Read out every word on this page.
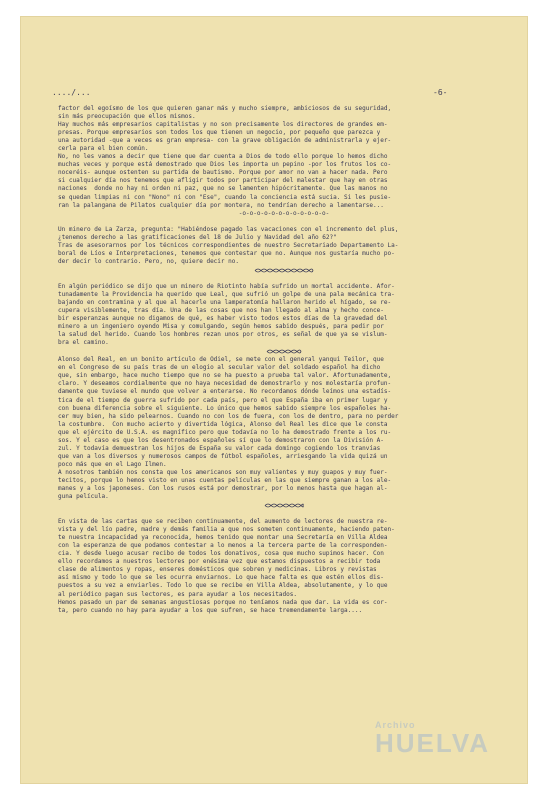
..../...	-6-
factor del egoísmo de los que quieren ganar más y mucho siempre, ambiciosos de su seguridad,
sin más preocupación que ellos mismos.
Hay muchos más empresarios capitalistas y no son precisamente los directores de grandes em-
presas. Porque empresarios son todos los que tienen un negocio, por pequeño que parezca y
una autoridad -que a veces es gran empresa- con la grave obligación de administrarla y ejer-
cerla para el bien común.
No, no les vamos a decir que tiene que dar cuenta a Dios de todo ello porque lo hemos dicho
muchas veces y porque está demostrado que Dios les importa un pepino -por los frutos los co-
noceréis- aunque ostenten su partida de bautismo. Porque por amor no van a hacer nada. Pero
si cualquier día nos tenemos que afligir todos por participar del malestar que hay en otras
naciones  donde no hay ni orden ni paz, que no se lamenten hipócritamente. Que las manos no
se quedan limpias ni con "Nono" ni con "Ese", cuando la conciencia está sucia. Si les pusie-
ran la palangana de Pilatos cualquier día por montera, no tendrían derecho a lamentarse...
-o-o-o-o-o-o-o-o-o-o-o-o-
Un minero de La Zarza, pregunta: "Habiéndose pagado las vacaciones con el incremento del plus,
¿tenemos derecho a las gratificaciones del 18 de Julio y Navidad del año 62?"
Tras de asesorarnos por los técnicos correspondientes de nuestro Secretariado Departamento La-
boral de Líos e Interpretaciones, tenemos que contestar que no. Aunque nos gustaría mucho po-
der decir lo contrario. Pero, no, quiere decir no.
En algún periódico se dijo que un minero de Riotinto había sufrido un mortal accidente. Afor-
tunadamente la Providencia ha querido que Leal, que sufrió un golpe de una pala mecánica tra-
bajando en contramina y al que al hacerle una lamperatomía hallaron herido el hígado, se re-
cupera visiblemente, tras día. Una de las cosas que nos han llegado al alma y hecho conce-
bir esperanzas aunque no digamos de qué, es haber visto todos estos días de la gravedad del
minero a un ingeniero oyendo Misa y comulgando, según hemos sabido después, para pedir por
la salud del herido. Cuando los hombres rezan unos por otros, es señal de que ya se vislum-
bra el camino.
Alonso del Real, en un bonito artículo de Odiel, se mete con el general yanqui Teilor, que
en el Congreso de su país tras de un elogio al secular valor del soldado español ha dicho
que, sin embargo, hace mucho tiempo que no se ha puesto a prueba tal valor. Afortunadamente,
claro. Y deseamos cordialmente que no haya necesidad de demostrarlo y nos molestaría profun-
damente que tuviese el mundo que volver a enterarse. No recordamos dónde leímos una estadís-
tica de el tiempo de guerra sufrido por cada país, pero el que España iba en primer lugar y
con buena diferencia sobre el siguiente. Lo único que hemos sabido siempre los españoles ha-
cer muy bien, ha sido pelearnos. Cuando no con los de fuera, con los de dentro, para no perder
la costumbre.  Con mucho acierto y divertida lógica, Alonso del Real les dice que le consta
que el ejército de U.S.A. es magnífico pero que todavía no lo ha demostrado frente a los ru-
sos. Y el caso es que los desentronados españoles sí que lo demostraron con la División A-
zul. Y todavía demuestran los hijos de España su valor cada domingo cogiendo los tranvías
que van a los diversos y numerosos campos de fútbol españoles, arriesgando la vida quizá un
poco más que en el Lago Ilmen.
A nosotros también nos consta que los americanos son muy valientes y muy guapos y muy fuer-
tecitos, porque lo hemos visto en unas cuentas películas en las que siempre ganan a los ale-
manes y a los japoneses. Con los rusos está por demostrar, por lo menos hasta que hagan al-
guna película.
En vista de las cartas que se reciben continuamente, del aumento de lectores de nuestra re-
vista y del lío padre, madre y demás familia a que nos someten continuamente, haciendo paten-
te nuestra incapacidad ya reconocida, hemos tenido que montar una Secretaría en Villa Aldea
con la esperanza de que podamos contestar a lo menos a la tercera parte de la corresponden-
cia. Y desde luego acusar recibo de todos los donativos, cosa que mucho supimos hacer. Con
ello recordamos a nuestros lectores por enésima vez que estamos dispuestos a recibir toda
clase de alimentos y ropas, enseres domésticos que sobren y medicinas. Libros y revistas
así mismo y todo lo que se les ocurra enviarnos. Lo que hace falta es que estén ellos dis-
puestos a su vez a enviarles. Todo lo que se recibe en Villa Aldea, absolutamente, y lo que
al periódico pagan sus lectores, es para ayudar a los necesitados.
Hemos pasado un par de semanas angustiosas porque no teníamos nada que dar. La vida es cor-
ta, pero cuando no hay para ayudar a los que sufren, se hace tremendamente larga....
Archivo
HUELVA
